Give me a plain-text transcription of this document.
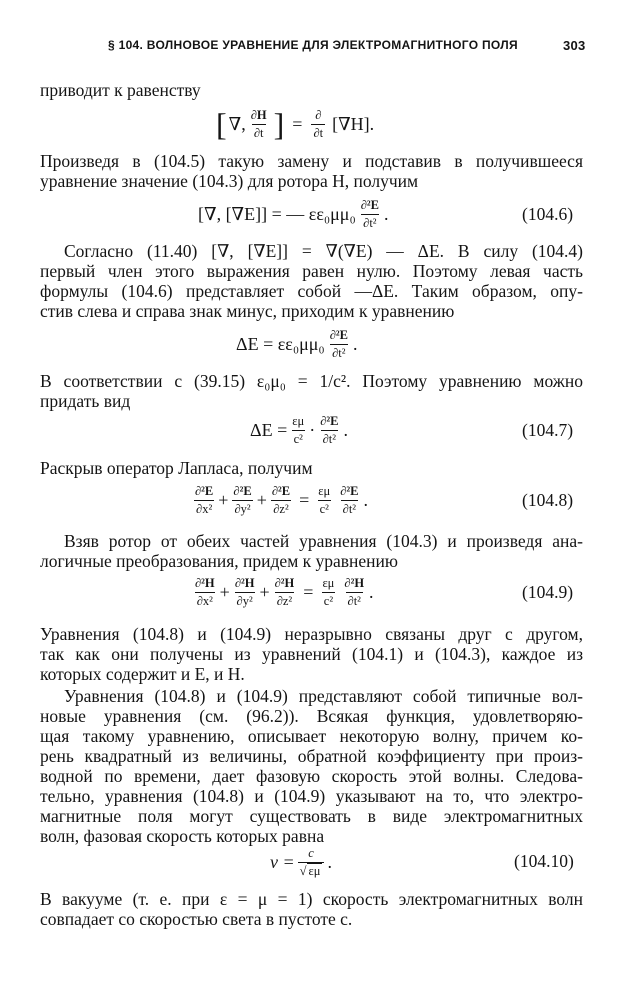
§ 104. ВОЛНОВОЕ УРАВНЕНИЕ ДЛЯ ЭЛЕКТРОМАГНИТНОГО ПОЛЯ	303
приводит к равенству
[ ∇, $\frac{\partial H}{\partial t}$ ] = ∂
∂t [∇H].
Произведя в (104.5) такую замену и подставив в получившееся
уравнение значение (104.3) для ротора H, получим
[∇, [∇E]] = — $\varepsilon\varepsilon_0\mu\mu_0 \frac{\text{∂²E}}{\text{∂t²}}$ .	(104.6)
Согласно (11.40) [∇, [∇E]] = ∇(∇E) — ΔE. В силу (104.4)
первый член этого выражения равен нулю. Поэтому левая часть
формулы (104.6) представляет собой —ΔE. Таким образом, опу-
стив слева и справа знак минус, приходим к уравнению
$\Delta E = \varepsilon\varepsilon_0\mu\mu_0 \frac{\text{∂²E}}{\text{∂t²}}$ .
В соответствии с (39.15) ε₀μ₀ = 1/c². Поэтому уравнению можно
придать вид
$\Delta E = \frac{\varepsilon\mu}{\text{c²}} \cdot \frac{\text{∂²E}}{\text{∂t²}}$ .	(104.7)
Раскрыв оператор Лапласа, получим
$\frac{\text{∂²E}}{\text{∂x²}} + \frac{\text{∂²E}}{\text{∂y²}} + \frac{\text{∂²E}}{\text{∂z²}} = \frac{\varepsilon\mu}{\text{c²}} \frac{\text{∂²E}}{\text{∂t²}}$ .	(104.8)
Взяв ротор от обеих частей уравнения (104.3) и произведя ана-
логичные преобразования, придем к уравнению
$\frac{\text{∂²H}}{\text{∂x²}} + \frac{\text{∂²H}}{\text{∂y²}} + \frac{\text{∂²H}}{\text{∂z²}} = \frac{\varepsilon\mu}{\text{c²}} \frac{\text{∂²H}}{\text{∂t²}}$ .	(104.9)
Уравнения (104.8) и (104.9) неразрывно связаны друг с другом,
так как они получены из уравнений (104.1) и (104.3), каждое из
которых содержит и E, и H.
Уравнения (104.8) и (104.9) представляют собой типичные вол-
новые уравнения (см. (96.2)). Всякая функция, удовлетворяю-
щая такому уравнению, описывает некоторую волну, причем ко-
рень квадратный из величины, обратной коэффициенту при произ-
водной по времени, дает фазовую скорость этой волны. Следова-
тельно, уравнения (104.8) и (104.9) указывают на то, что электро-
магнитные поля могут существовать в виде электромагнитных
волн, фазовая скорость которых равна
$v = \frac{c}{√ \varepsilon\mu}$ .	(104.10)
В вакууме (т. е. при ε = μ = 1) скорость электромагнитных волн
совпадает со скоростью света в пустоте c.
